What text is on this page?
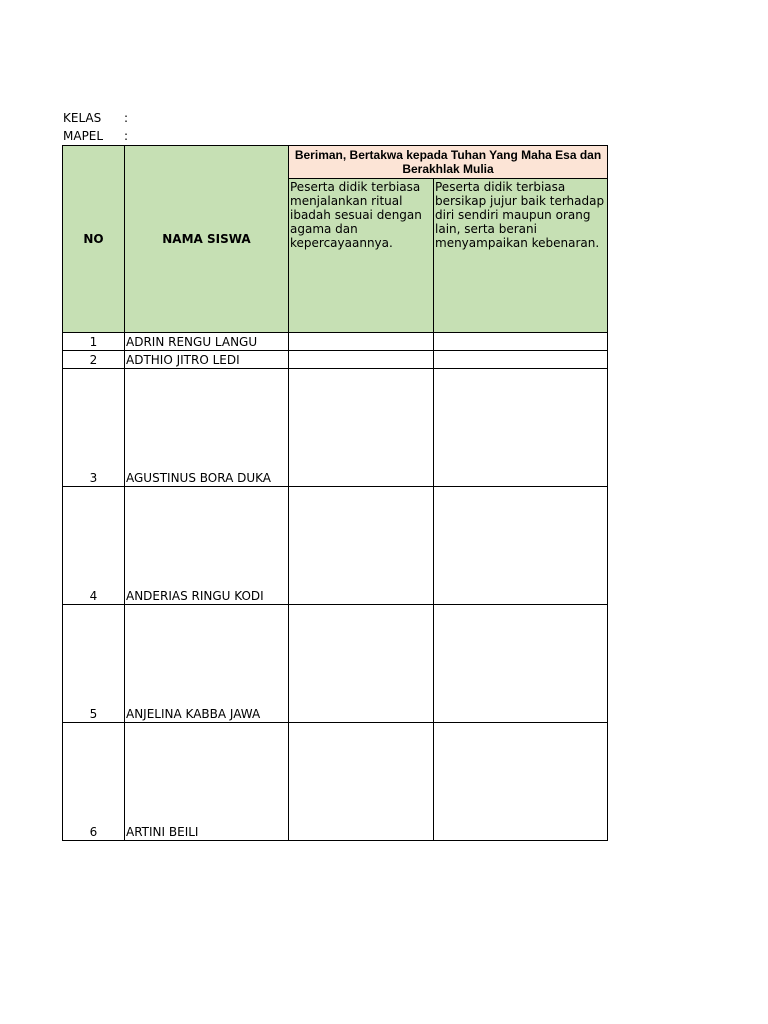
KELAS :
MAPEL :
NO	NAMA SISWA	Beriman, Bertakwa kepada Tuhan Yang Maha Esa dan Berakhlak Mulia	
		Peserta didik terbiasa menjalankan ritual ibadah sesuai dengan agama dan kepercayaannya.	Peserta didik terbiasa bersikap jujur baik terhadap diri sendiri maupun orang lain, serta berani menyampaikan kebenaran.
1	ADRIN RENGU LANGU		
2	ADTHIO JITRO LEDI		
3	AGUSTINUS BORA DUKA		
4	ANDERIAS RINGU KODI		
5	ANJELINA KABBA JAWA		
6	ARTINI BEILI		
